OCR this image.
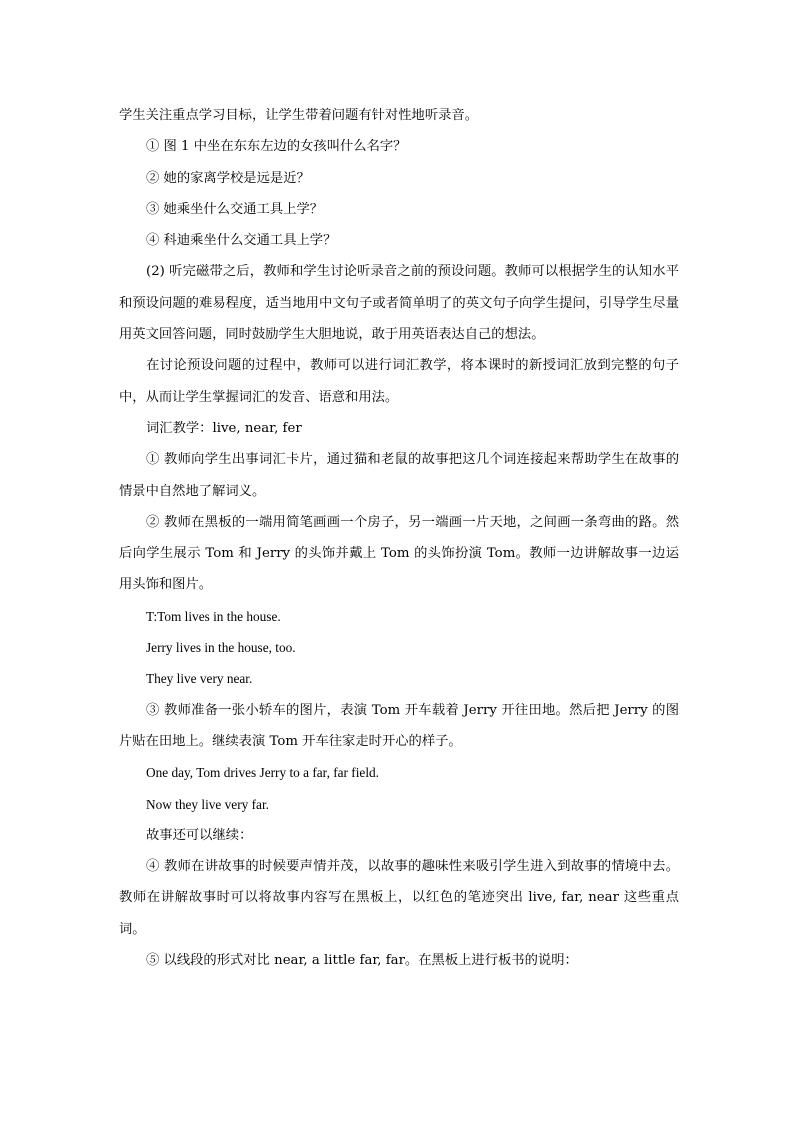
学生关注重点学习目标，让学生带着问题有针对性地听录音。

① 图 1 中坐在东东左边的女孩叫什么名字？

② 她的家离学校是远是近？

③ 她乘坐什么交通工具上学？

④ 科迪乘坐什么交通工具上学？

(2) 听完磁带之后，教师和学生讨论听录音之前的预设问题。教师可以根据学生的认知水平和预设问题的难易程度，适当地用中文句子或者简单明了的英文句子向学生提问，引导学生尽量用英文回答问题，同时鼓励学生大胆地说，敢于用英语表达自己的想法。

在讨论预设问题的过程中，教师可以进行词汇教学，将本课时的新授词汇放到完整的句子中，从而让学生掌握词汇的发音、语意和用法。

词汇教学：live, near, fer

① 教师向学生出事词汇卡片，通过猫和老鼠的故事把这几个词连接起来帮助学生在故事的情景中自然地了解词义。

② 教师在黑板的一端用简笔画画一个房子，另一端画一片天地，之间画一条弯曲的路。然后向学生展示 Tom 和 Jerry 的头饰并戴上 Tom 的头饰扮演 Tom。教师一边讲解故事一边运用头饰和图片。

T:Tom lives in the house.

Jerry lives in the house, too.

They live very near.

③ 教师准备一张小轿车的图片，表演 Tom 开车载着 Jerry 开往田地。然后把 Jerry 的图片贴在田地上。继续表演 Tom 开车往家走时开心的样子。

One day, Tom drives Jerry to a far, far field.

Now they live very far.

故事还可以继续：

④ 教师在讲故事的时候要声情并茂，以故事的趣味性来吸引学生进入到故事的情境中去。教师在讲解故事时可以将故事内容写在黑板上，以红色的笔迹突出 live, far, near 这些重点词。

⑤ 以线段的形式对比 near, a little far, far。在黑板上进行板书的说明：
